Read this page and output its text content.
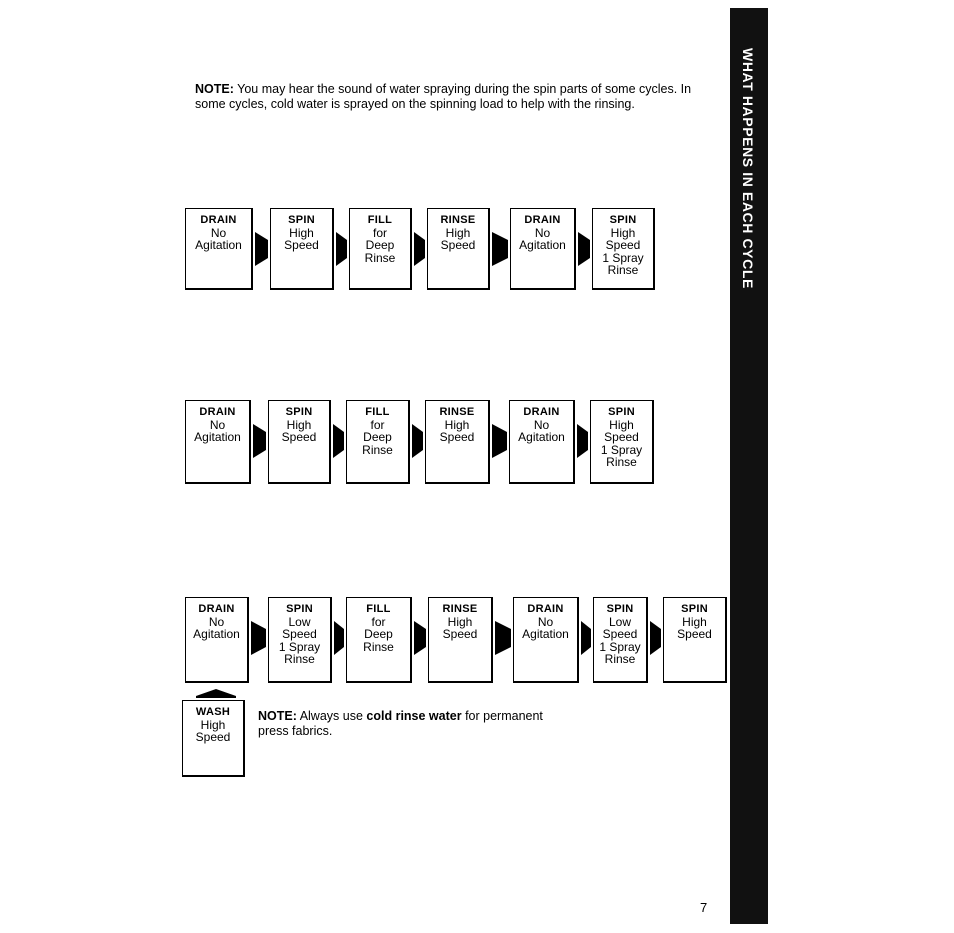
NOTE: You may hear the sound of water spraying during the spin parts of some cycles. In some cycles, cold water is sprayed on the spinning load to help with the rinsing.	WHAT HAPPENS IN EACH CYCLE
DRAIN
No
Agitation
SPIN
High
Speed
FILL
for
Deep
Rinse
RINSE
High
Speed
DRAIN
No
Agitation
SPIN
High
Speed
1 Spray
Rinse
DRAIN
No
Agitation
SPIN
High
Speed
FILL
for
Deep
Rinse
RINSE
High
Speed
DRAIN
No
Agitation
SPIN
High
Speed
1 Spray
Rinse
DRAIN
No
Agitation
SPIN
Low
Speed
1 Spray
Rinse
FILL
for
Deep
Rinse
RINSE
High
Speed
DRAIN
No
Agitation
SPIN
Low
Speed
1 Spray
Rinse
SPIN
High
Speed
WASH
High
Speed
NOTE: Always use cold rinse water for permanent press fabrics.
7
